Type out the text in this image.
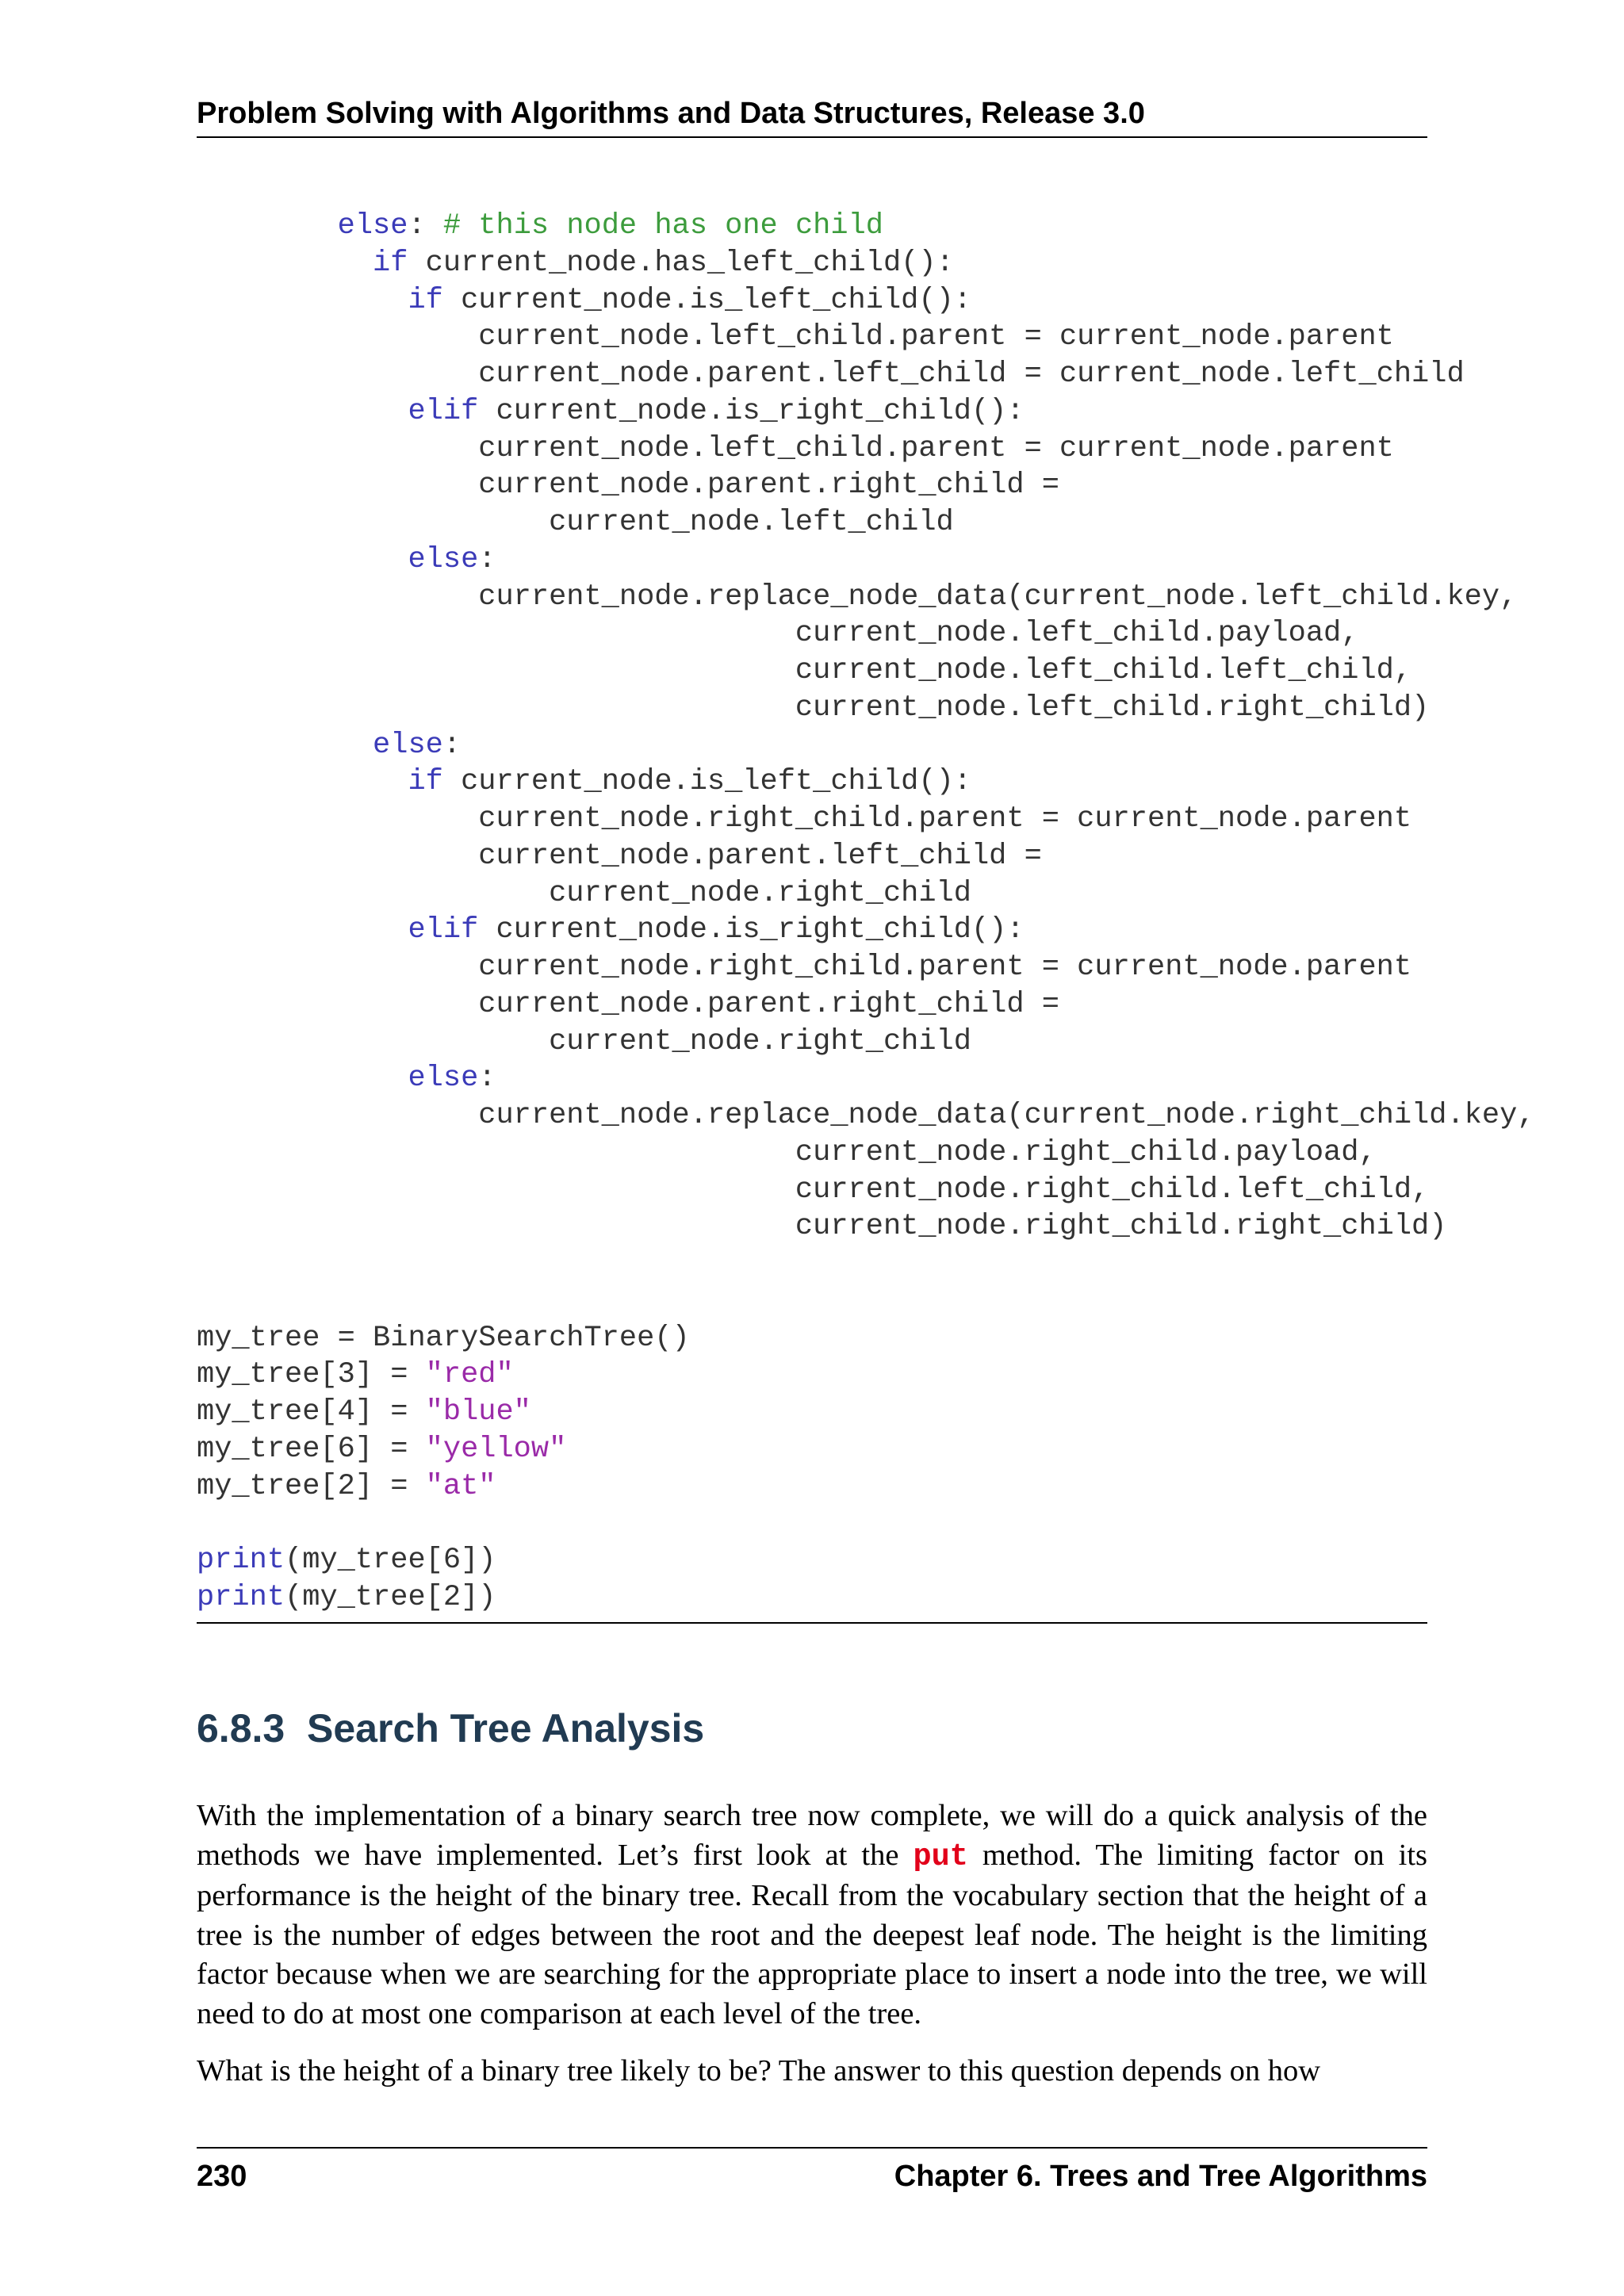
Problem Solving with Algorithms and Data Structures, Release 3.0
else: # this node has one child
if current_node.has_left_child():
if current_node.is_left_child():
current_node.left_child.parent = current_node.parent
current_node.parent.left_child = current_node.left_child
elif current_node.is_right_child():
current_node.left_child.parent = current_node.parent
current_node.parent.right_child =
current_node.left_child
else:
current_node.replace_node_data(current_node.left_child.key,
current_node.left_child.payload,
current_node.left_child.left_child,
current_node.left_child.right_child)
else:
if current_node.is_left_child():
current_node.right_child.parent = current_node.parent
current_node.parent.left_child =
current_node.right_child
elif current_node.is_right_child():
current_node.right_child.parent = current_node.parent
current_node.parent.right_child =
current_node.right_child
else:
current_node.replace_node_data(current_node.right_child.key,
current_node.right_child.payload,
current_node.right_child.left_child,
current_node.right_child.right_child)

my_tree = BinarySearchTree()
my_tree[3] = "red"
my_tree[4] = "blue"
my_tree[6] = "yellow"
my_tree[2] = "at"

print(my_tree[6])
print(my_tree[2])
6.8.3 Search Tree Analysis

With the implementation of a binary search tree now complete, we will do a quick analysis of the methods we have implemented. Let’s first look at the put method. The limiting factor on its performance is the height of the binary tree. Recall from the vocabulary section that the height of a tree is the number of edges between the root and the deepest leaf node. The height is the limiting factor because when we are searching for the appropriate place to insert a node into the tree, we will need to do at most one comparison at each level of the tree.

What is the height of a binary tree likely to be? The answer to this question depends on how

230	Chapter 6. Trees and Tree Algorithms
